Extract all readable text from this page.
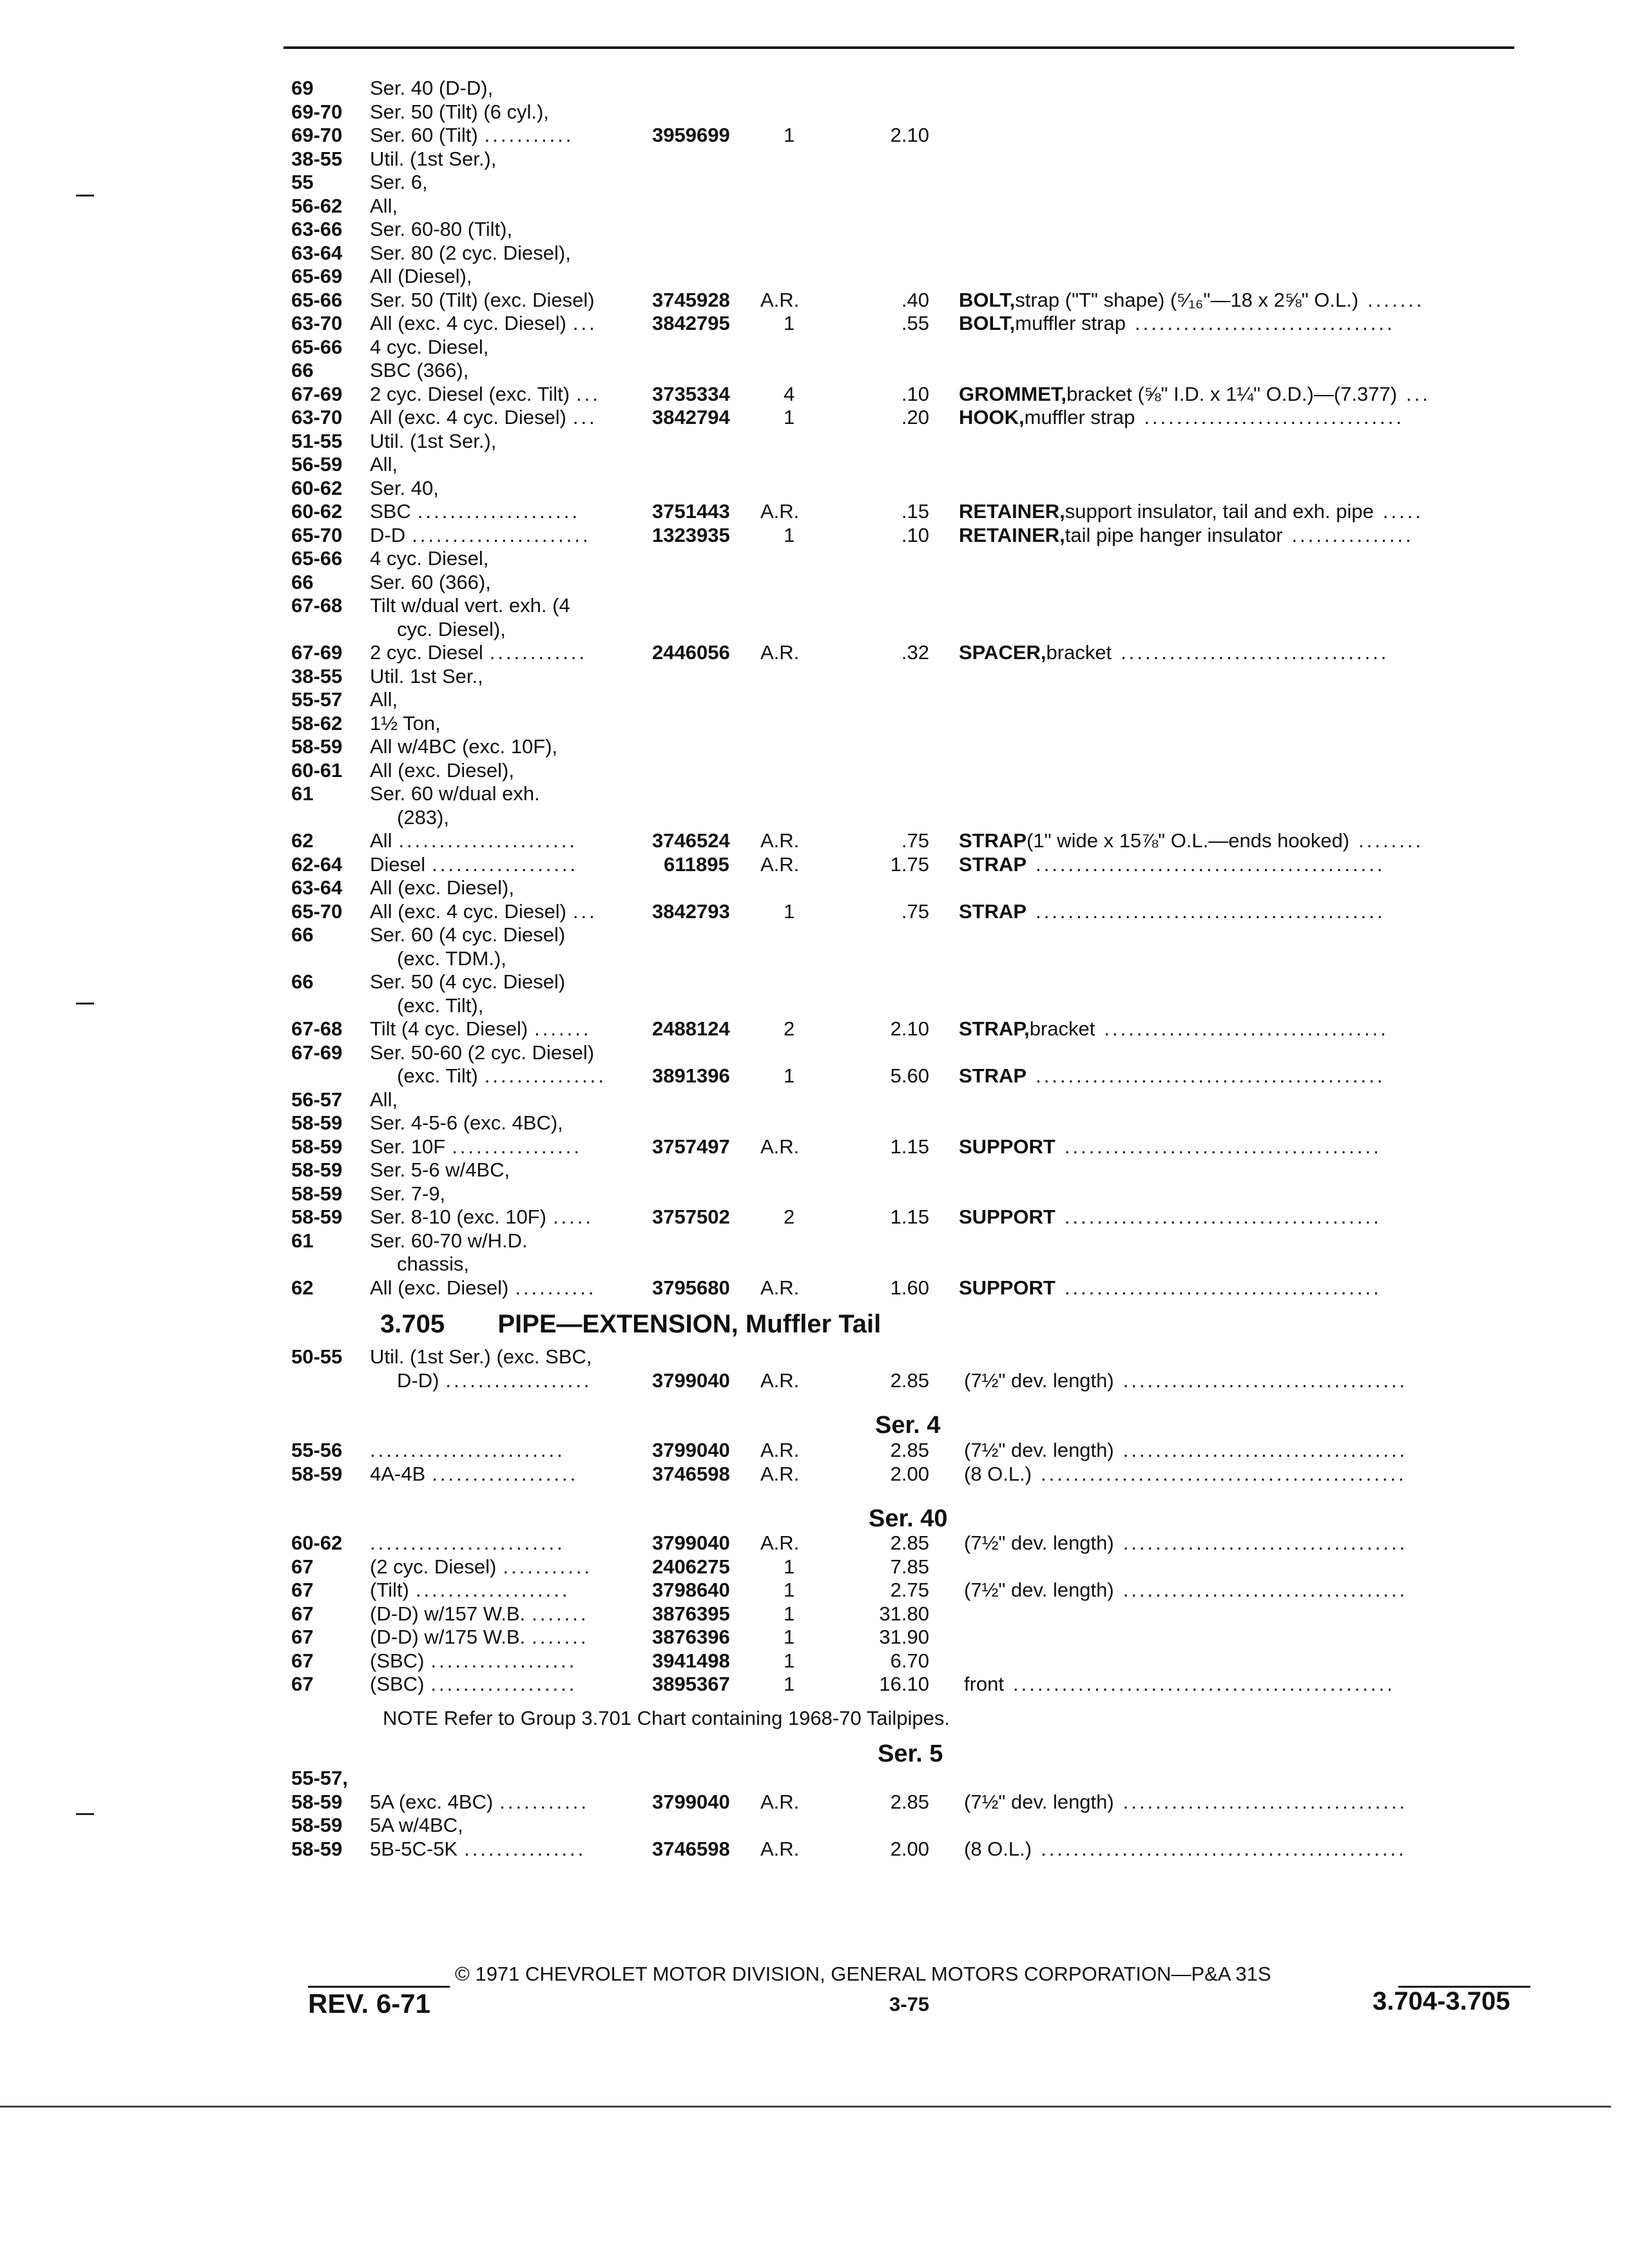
69	Ser. 40 (D-D),
69-70 Ser. 50 (Tilt) (6 cyl.),
69-70 Ser. 60 (Tilt) ...........	3959699	1	2.10
38-55 Util. (1st Ser.),
55	Ser. 6,
56-62 All,
63-66 Ser. 60-80 (Tilt),
63-64 Ser. 80 (2 cyc. Diesel),
65-69 All (Diesel),
65-66 Ser. 50 (Tilt) (exc. Diesel)	3745928 A.R.	.40 BOLT, strap ("T" shape) (⁵⁄₁₆"—18 x 2⅝" O.L.) .......
63-70 All (exc. 4 cyc. Diesel) ...	3842795	1	.55 BOLT, muffler strap ................................
65-66 4 cyc. Diesel,
66	SBC (366),
67-69 2 cyc. Diesel (exc. Tilt) ...	3735334	4	.10 GROMMET, bracket (⅝" I.D. x 1¼" O.D.)—(7.377) ...
63-70 All (exc. 4 cyc. Diesel) ...	3842794	1	.20 HOOK, muffler strap ................................
51-55 Util. (1st Ser.),
56-59 All,
60-62 Ser. 40,
60-62 SBC ....................	3751443 A.R.	.15 RETAINER, support insulator, tail and exh. pipe .....
65-70 D-D ......................	1323935	1	.10 RETAINER, tail pipe hanger insulator ...............
65-66 4 cyc. Diesel,
66	Ser. 60 (366),
67-68 Tilt w/dual vert. exh. (4
cyc. Diesel),
67-69 2 cyc. Diesel ............	2446056 A.R.	.32 SPACER, bracket .................................
38-55 Util. 1st Ser.,
55-57 All,
58-62 1½ Ton,
58-59 All w/4BC (exc. 10F),
60-61 All (exc. Diesel),
61	Ser. 60 w/dual exh.
(283),
62	All ......................	3746524 A.R.	.75 STRAP (1" wide x 15⅞" O.L.—ends hooked) ........
62-64 Diesel ..................	611895 A.R.	1.75 STRAP ...........................................
63-64 All (exc. Diesel),
65-70 All (exc. 4 cyc. Diesel) ...	3842793	1	.75 STRAP ...........................................
66	Ser. 60 (4 cyc. Diesel)
(exc. TDM.),
66	Ser. 50 (4 cyc. Diesel)
(exc. Tilt),
67-68 Tilt (4 cyc. Diesel) .......	2488124	2	2.10 STRAP, bracket ...................................
67-69 Ser. 50-60 (2 cyc. Diesel)
(exc. Tilt) ...............	3891396	1	5.60 STRAP ...........................................
56-57 All,
58-59 Ser. 4-5-6 (exc. 4BC),
58-59 Ser. 10F ................	3757497 A.R.	1.15 SUPPORT .......................................
58-59 Ser. 5-6 w/4BC,
58-59 Ser. 7-9,
58-59 Ser. 8-10 (exc. 10F) .....	3757502	2	1.15 SUPPORT .......................................
61	Ser. 60-70 w/H.D.
chassis,
62	All (exc. Diesel) ..........	3795680 A.R.	1.60 SUPPORT .......................................
3.705 PIPE—EXTENSION, Muffler Tail
50-55 Util. (1st Ser.) (exc. SBC,
D-D) ..................	3799040 A.R.	2.85 (7½" dev. length) ...................................
Ser. 4
55-56 ........................	3799040 A.R.	2.85 (7½" dev. length) ...................................
58-59 4A-4B ..................	3746598 A.R.	2.00 (8 O.L.) .............................................
Ser. 40
60-62 ........................	3799040 A.R.	2.85 (7½" dev. length) ...................................
67	(2 cyc. Diesel) ...........	2406275	1	7.85
67	(Tilt) ...................	3798640	1	2.75 (7½" dev. length) ...................................
67	(D-D) w/157 W.B. .......	3876395	1	31.80
67	(D-D) w/175 W.B. .......	3876396	1	31.90
67	(SBC) ..................	3941498	1	6.70
67	(SBC) ..................	3895367	1	16.10 front ...............................................
NOTE Refer to Group 3.701 Chart containing 1968-70 Tailpipes.
Ser. 5
55-57,
58-59 5A (exc. 4BC) ...........	3799040 A.R.	2.85 (7½" dev. length) ...................................
58-59 5A w/4BC,
58-59 5B-5C-5K ...............	3746598 A.R.	2.00 (8 O.L.) .............................................
© 1971 CHEVROLET MOTOR DIVISION, GENERAL MOTORS CORPORATION—P&A 31S
REV. 6-71	3-75	3.704-3.705
